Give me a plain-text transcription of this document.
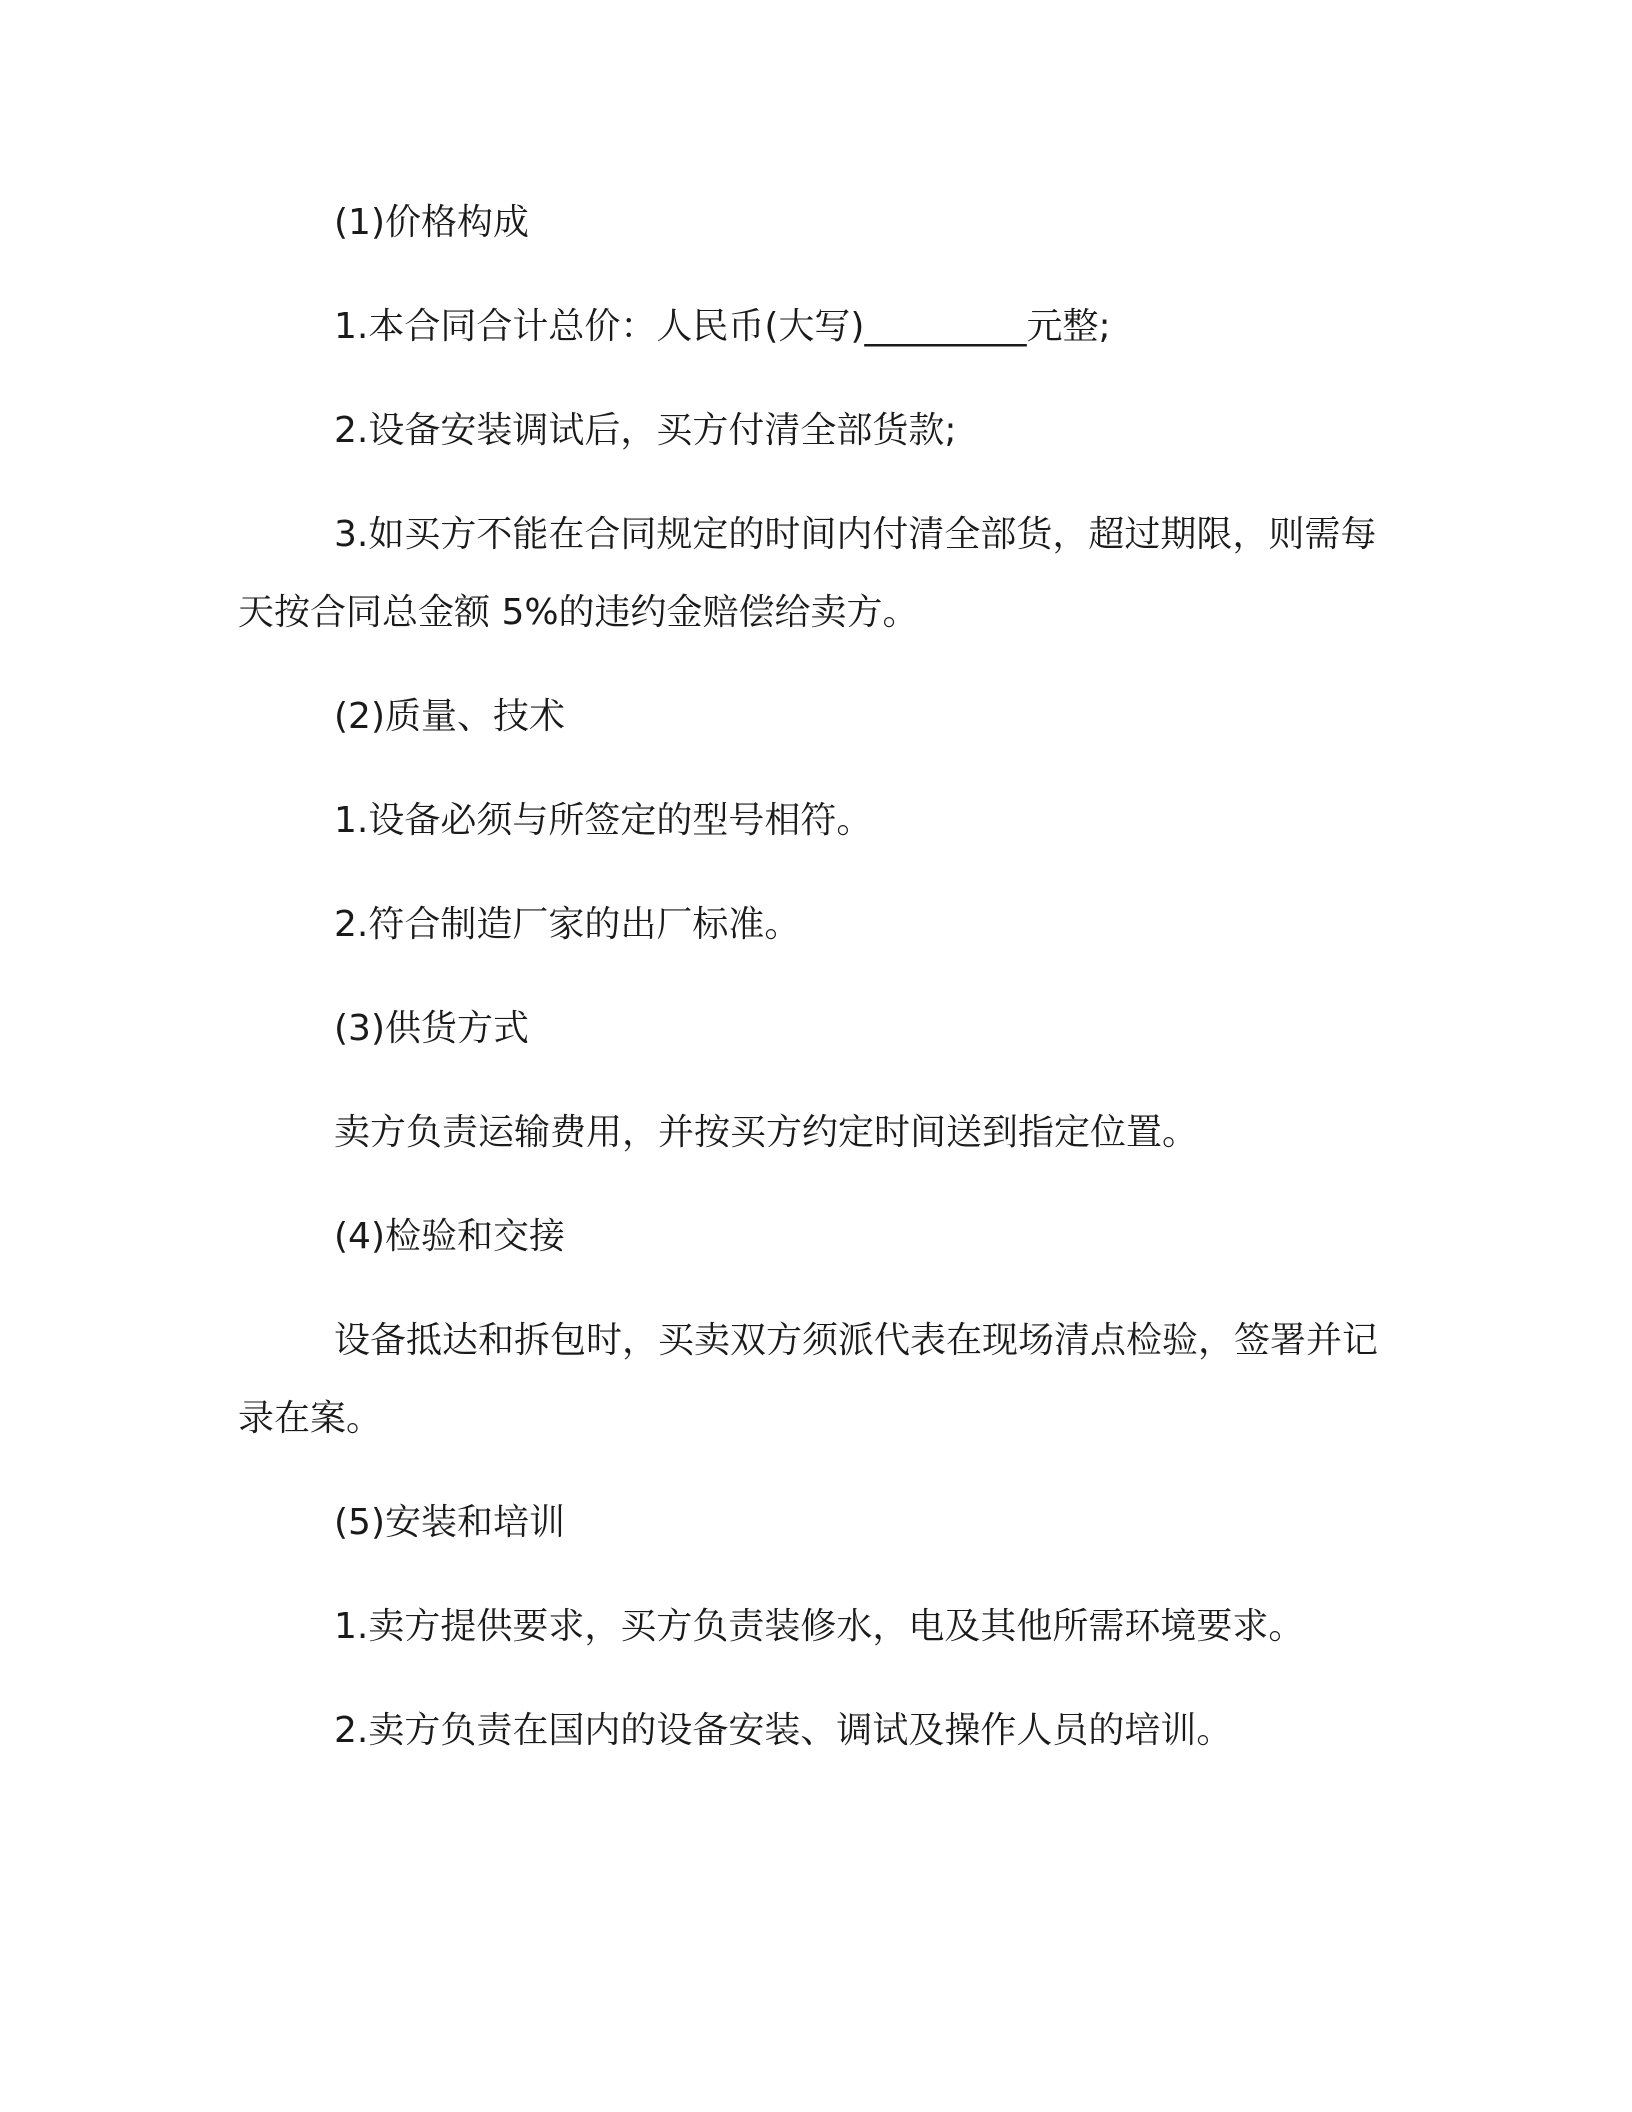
(1)价格构成

1.本合同合计总价：人民币(大写)_________元整;

2.设备安装调试后，买方付清全部货款;

3.如买方不能在合同规定的时间内付清全部货，超过期限，则需每天按合同总金额 5%的违约金赔偿给卖方。

(2)质量、技术

1.设备必须与所签定的型号相符。

2.符合制造厂家的出厂标准。

(3)供货方式

卖方负责运输费用，并按买方约定时间送到指定位置。

(4)检验和交接

设备抵达和拆包时，买卖双方须派代表在现场清点检验，签署并记录在案。

(5)安装和培训

1.卖方提供要求，买方负责装修水，电及其他所需环境要求。

2.卖方负责在国内的设备安装、调试及操作人员的培训。
